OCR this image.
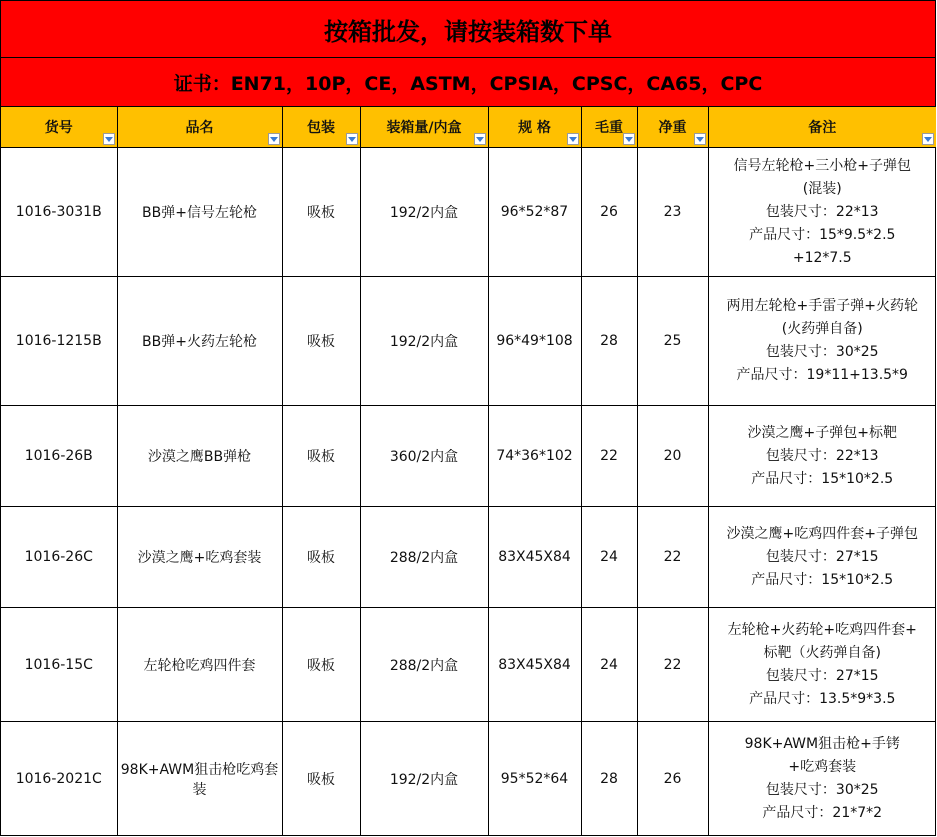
按箱批发，请按装箱数下单
证书：EN71，10P，CE，ASTM，CPSIA，CPSC，CA65，CPC
货号	品名	包装	装箱量/内盒	规 格	毛重	净重	备注

1016-3031B	BB弹+信号左轮枪	吸板	192/2内盒	96*52*87	26	23	信号左轮枪+三小枪+子弹包
(混装)
包装尺寸：22*13
产品尺寸：15*9.5*2.5
+12*7.5

1016-1215B	BB弹+火药左轮枪	吸板	192/2内盒	96*49*108	28	25	两用左轮枪+手雷子弹+火药轮
(火药弹自备)
包装尺寸：30*25
产品尺寸：19*11+13.5*9

1016-26B	沙漠之鹰BB弹枪	吸板	360/2内盒	74*36*102	22	20	沙漠之鹰+子弹包+标靶
包装尺寸：22*13
产品尺寸：15*10*2.5

1016-26C	沙漠之鹰+吃鸡套装	吸板	288/2内盒	83X45X84	24	22	沙漠之鹰+吃鸡四件套+子弹包
包装尺寸：27*15
产品尺寸：15*10*2.5

1016-15C	左轮枪吃鸡四件套	吸板	288/2内盒	83X45X84	24	22	左轮枪+火药轮+吃鸡四件套+
标靶（火药弹自备)
包装尺寸：27*15
产品尺寸：13.5*9*3.5

1016-2021C	98K+AWM狙击枪吃鸡套装	吸板	192/2内盒	95*52*64	28	26	98K+AWM狙击枪+手铐
+吃鸡套装
包装尺寸：30*25
产品尺寸：21*7*2
